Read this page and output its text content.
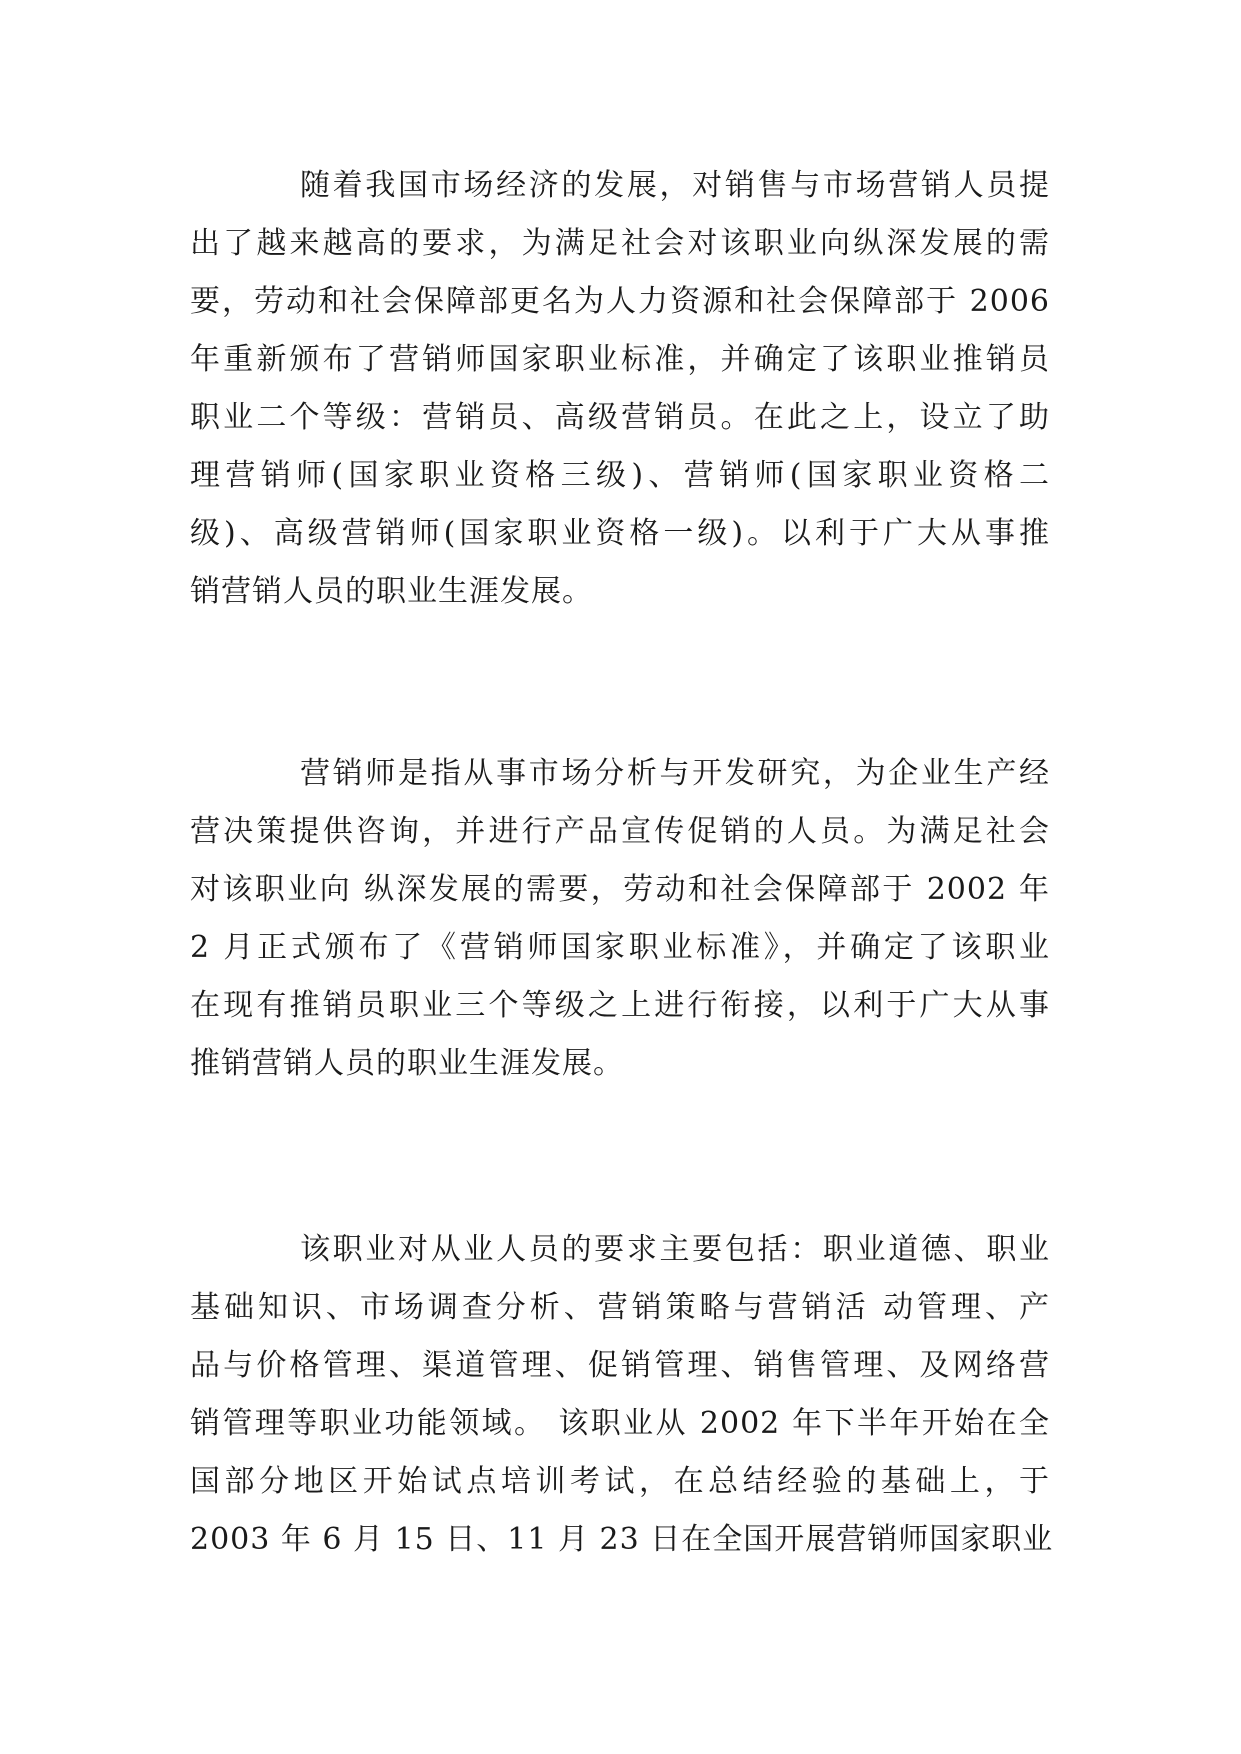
随着我国市场经济的发展，对销售与市场营销人员提
出了越来越高的要求，为满足社会对该职业向纵深发展的需
要，劳动和社会保障部更名为人力资源和社会保障部于 2006
年重新颁布了营销师国家职业标准，并确定了该职业推销员
职业二个等级：营销员、高级营销员。在此之上，设立了助
理营销师(国家职业资格三级)、营销师(国家职业资格二
级)、高级营销师(国家职业资格一级)。以利于广大从事推
销营销人员的职业生涯发展。
营销师是指从事市场分析与开发研究，为企业生产经
营决策提供咨询，并进行产品宣传促销的人员。为满足社会
对该职业向 纵深发展的需要，劳动和社会保障部于 2002 年
2 月正式颁布了《营销师国家职业标准》，并确定了该职业
在现有推销员职业三个等级之上进行衔接，以利于广大从事
推销营销人员的职业生涯发展。
该职业对从业人员的要求主要包括：职业道德、职业
基础知识、市场调查分析、营销策略与营销活 动管理、产
品与价格管理、渠道管理、促销管理、销售管理、及网络营
销管理等职业功能领域。 该职业从 2002 年下半年开始在全
国部分地区开始试点培训考试，在总结经验的基础上，于
2003 年 6 月 15 日、11 月 23 日在全国开展营销师国家职业
